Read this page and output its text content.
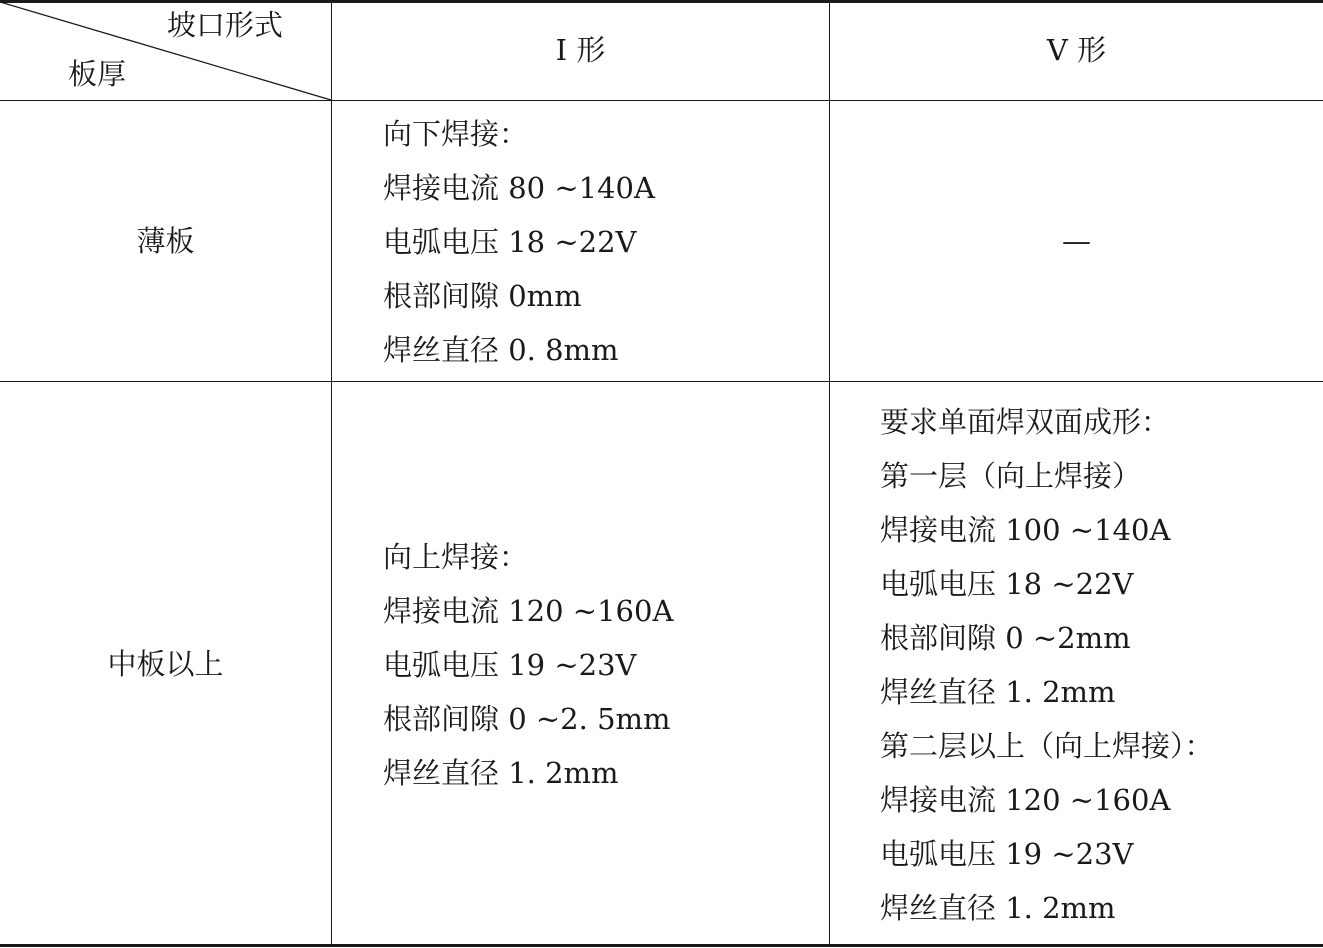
坡口形式
板厚
I 形	V 形
薄板
向下焊接：
焊接电流 80 ~140A
电弧电压 18 ~22V
根部间隙 0mm
焊丝直径 0. 8mm
—
中板以上
向上焊接：
焊接电流 120 ~160A
电弧电压 19 ~23V
根部间隙 0 ~2. 5mm
焊丝直径 1. 2mm
要求单面焊双面成形：
第一层（向上焊接）
焊接电流 100 ~140A
电弧电压 18 ~22V
根部间隙 0 ~2mm
焊丝直径 1. 2mm
第二层以上（向上焊接）：
焊接电流 120 ~160A
电弧电压 19 ~23V
焊丝直径 1. 2mm
